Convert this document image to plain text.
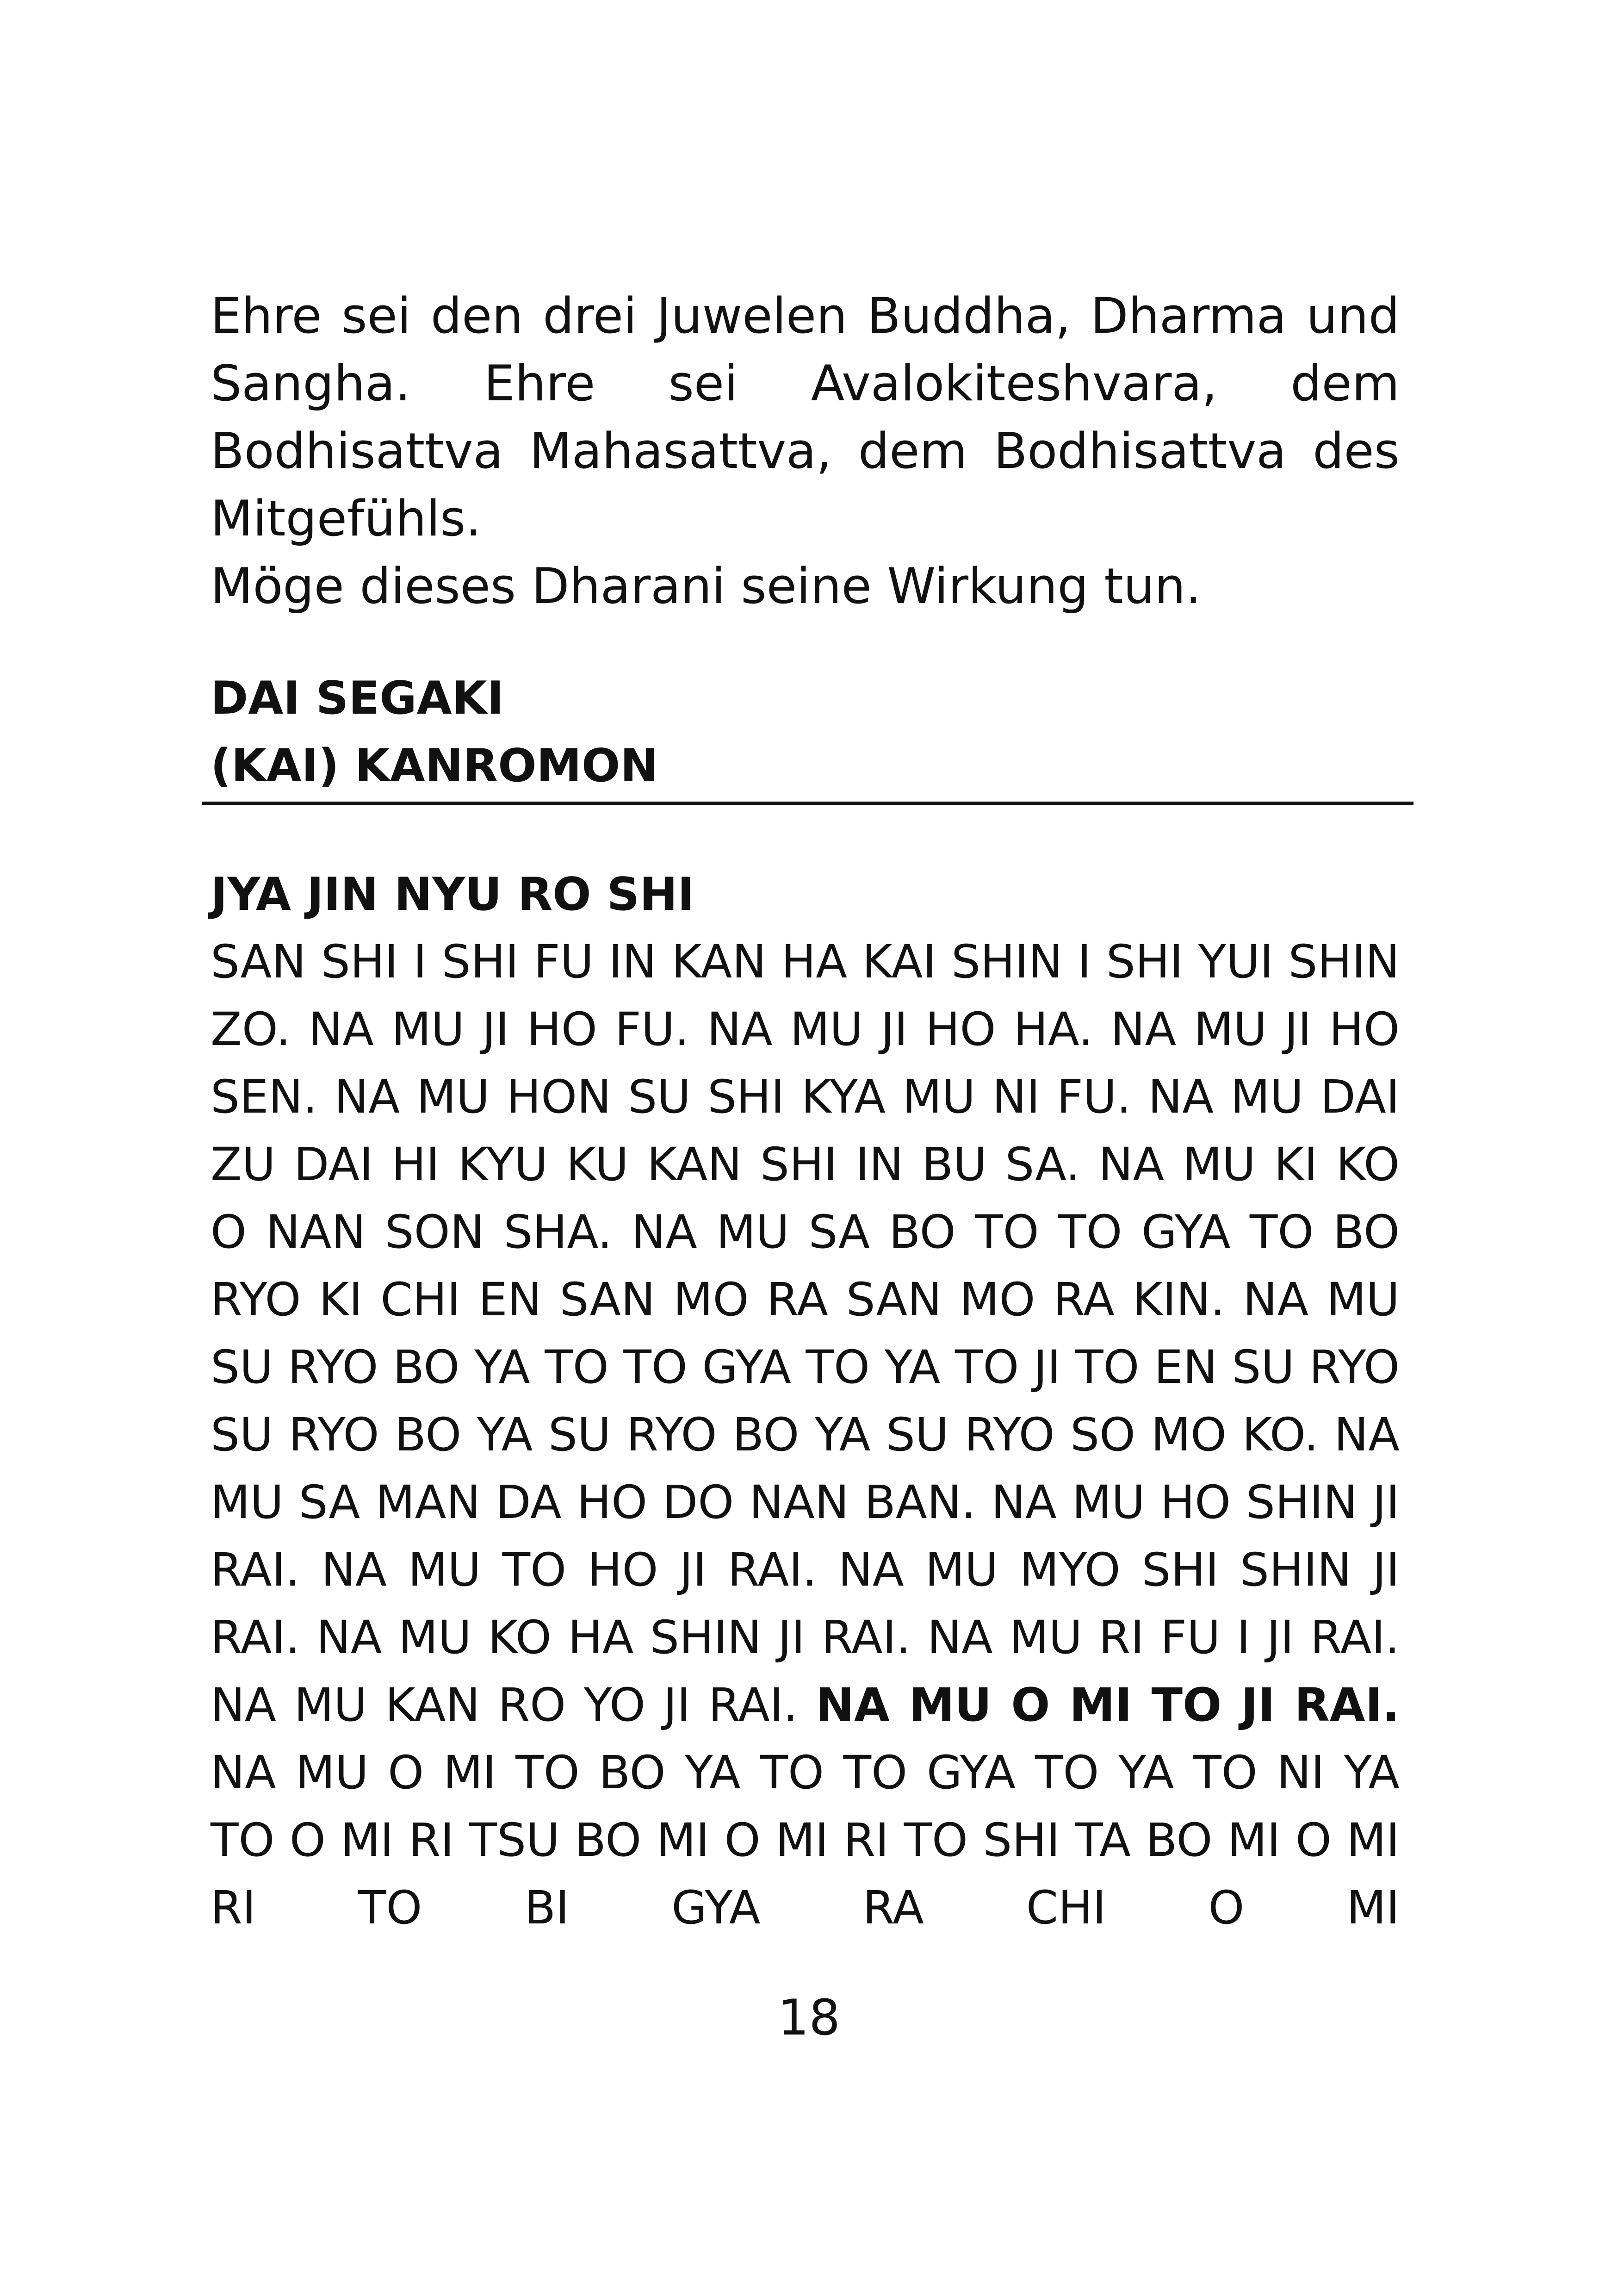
Ehre sei den drei Juwelen Buddha, Dharma und Sangha. Ehre sei Avalokiteshvara, dem Bodhisattva Mahasattva, dem Bodhisattva des Mitgefühls.

Möge dieses Dharani seine Wirkung tun.

DAI SEGAKI
(KAI) KANROMON
JYA JIN NYU RO SHI

SAN SHI I SHI FU IN KAN HA KAI SHIN I SHI YUI SHIN ZO. NA MU JI HO FU. NA MU JI HO HA. NA MU JI HO SEN. NA MU HON SU SHI KYA MU NI FU. NA MU DAI ZU DAI HI KYU KU KAN SHI IN BU SA. NA MU KI KO O NAN SON SHA. NA MU SA BO TO TO GYA TO BO RYO KI CHI EN SAN MO RA SAN MO RA KIN. NA MU SU RYO BO YA TO TO GYA TO YA TO JI TO EN SU RYO SU RYO BO YA SU RYO BO YA SU RYO SO MO KO. NA MU SA MAN DA HO DO NAN BAN. NA MU HO SHIN JI RAI. NA MU TO HO JI RAI. NA MU MYO SHI SHIN JI RAI. NA MU KO HA SHIN JI RAI. NA MU RI FU I JI RAI. NA MU KAN RO YO JI RAI. NA MU O MI TO JI RAI. NA MU O MI TO BO YA TO TO GYA TO YA TO NI YA TO O MI RI TSU BO MI O MI RI TO SHI TA BO MI O MI RI TO BI GYA RA CHI O MI

18
